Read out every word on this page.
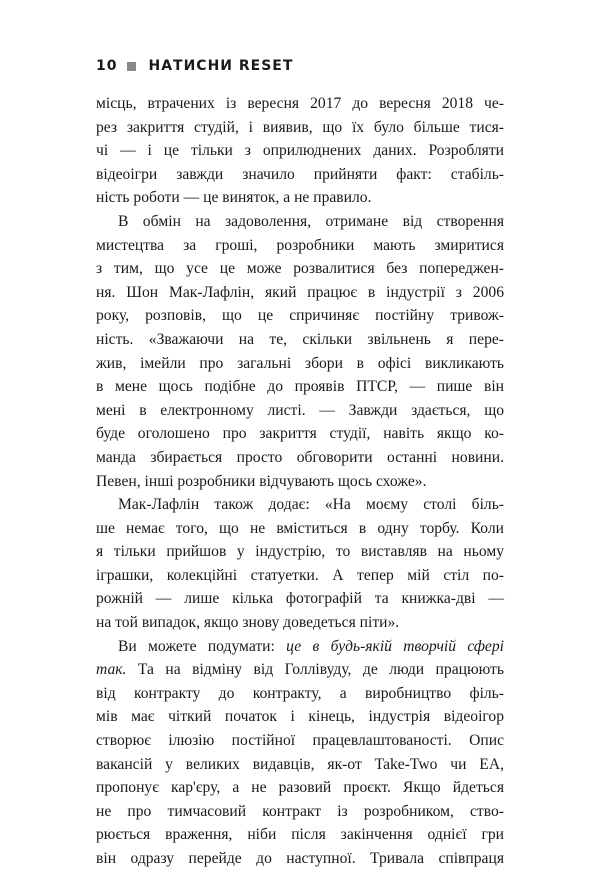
10 НАТИСНИ RESET

місць, втрачених із вересня 2017 до вересня 2018 че-

рез закриття студій, і виявив, що їх було більше тися-

чі — і це тільки з оприлюднених даних. Розробляти

відеоігри завжди значило прийняти факт: стабіль-

ність роботи — це виняток, а не правило.

В обмін на задоволення, отримане від створення

мистецтва за гроші, розробники мають змиритися

з тим, що усе це може розвалитися без попереджен-

ня. Шон Мак-Лафлін, який працює в індустрії з 2006

року, розповів, що це спричиняє постійну тривож-

ність. «Зважаючи на те, скільки звільнень я пере-

жив, імейли про загальні збори в офісі викликають

в мене щось подібне до проявів ПТСР, — пише він

мені в електронному листі. — Завжди здається, що

буде оголошено про закриття студії, навіть якщо ко-

манда збирається просто обговорити останні новини.

Певен, інші розробники відчувають щось схоже».

Мак-Лафлін також додає: «На моєму столі біль-

ше немає того, що не вміститься в одну торбу. Коли

я тільки прийшов у індустрію, то виставляв на ньому

іграшки, колекційні статуетки. А тепер мій стіл по-

рожній — лише кілька фотографій та книжка-дві —

на той випадок, якщо знову доведеться піти».

Ви можете подумати: це в будь-якій творчій сфері

так. Та на відміну від Голлівуду, де люди працюють

від контракту до контракту, а виробництво філь-

мів має чіткий початок і кінець, індустрія відеоігор

створює ілюзію постійної працевлаштованості. Опис

вакансій у великих видавців, як-от Take-Two чи EA,

пропонує кар'єру, а не разовий проєкт. Якщо йдеться

не про тимчасовий контракт із розробником, ство-

рюється враження, ніби після закінчення однієї гри

він одразу перейде до наступної. Тривала співпраця
